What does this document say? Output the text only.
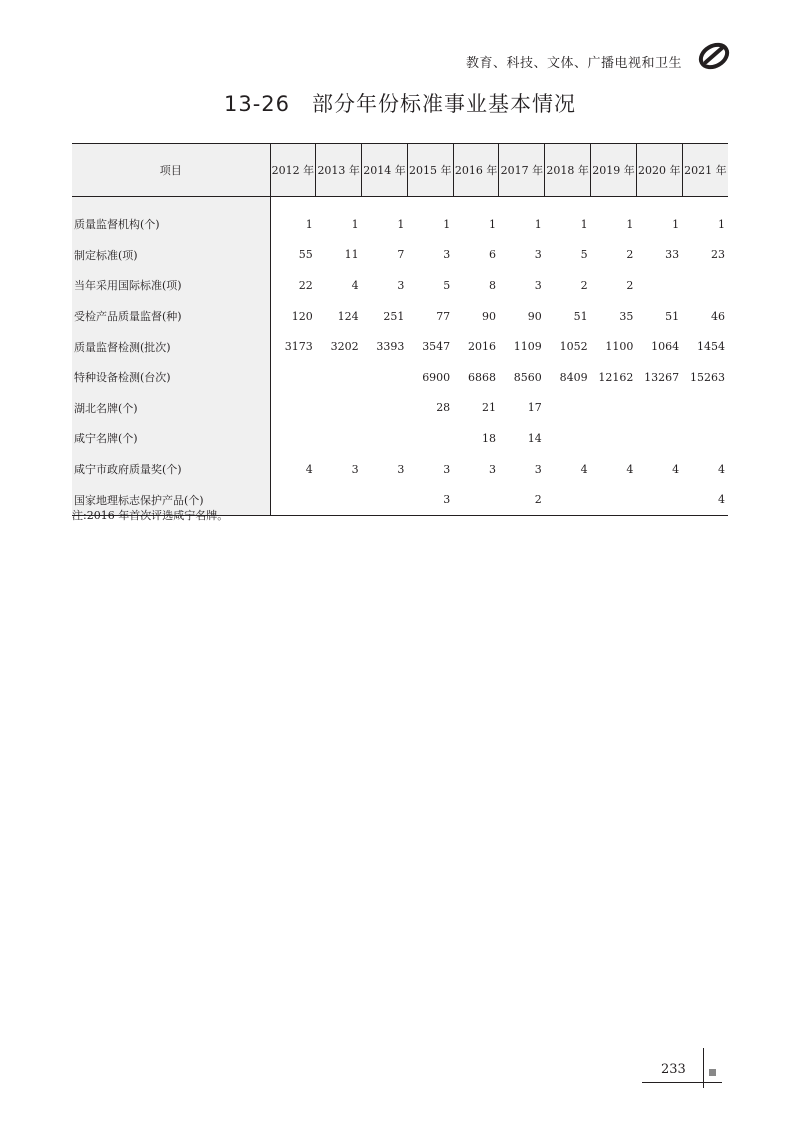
教育、科技、文体、广播电视和卫生
13-26 部分年份标准事业基本情况
项目	2012 年	2013 年	2014 年	2015 年	2016 年	2017 年	2018 年	2019 年	2020 年	2021 年
质量监督机构(个)	1	1	1	1	1	1	1	1	1	1
制定标准(项)	55	11	7	3	6	3	5	2	33	23
当年采用国际标准(项)	22	4	3	5	8	3	2	2		
受检产品质量监督(种)	120	124	251	77	90	90	51	35	51	46
质量监督检测(批次)	3173	3202	3393	3547	2016	1109	1052	1100	1064	1454
特种设备检测(台次)				6900	6868	8560	8409	12162	13267	15263
湖北名牌(个)				28	21	17				
咸宁名牌(个)					18	14				
咸宁市政府质量奖(个)	4	3	3	3	3	3	4	4	4	4
国家地理标志保护产品(个)				3		2				4
注:2016 年首次评选咸宁名牌。
233
